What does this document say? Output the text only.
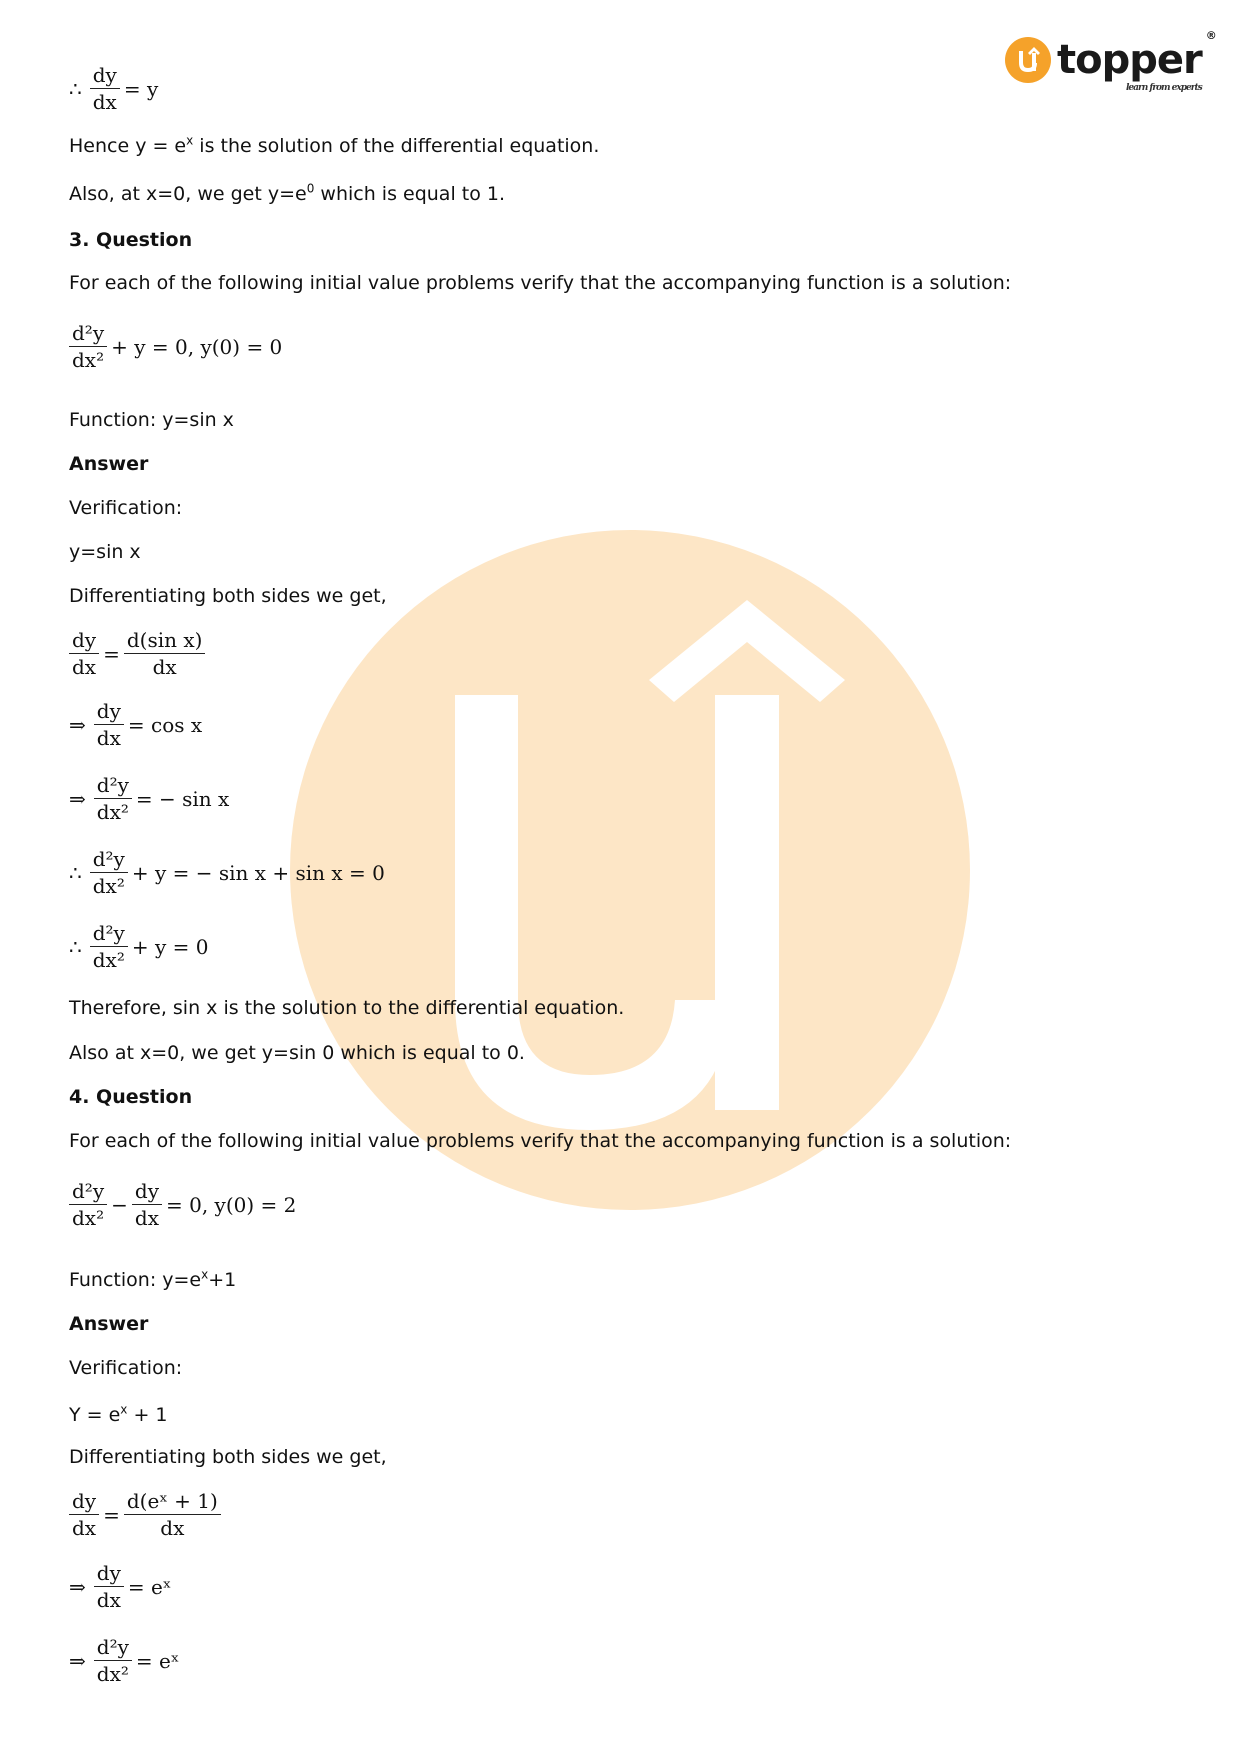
topper
®
learn from experts
∴ $\frac{dy}{dx} = y$
Hence $y = e^x$ is the solution of the differential equation.
Also, at x=0, we get $y=e^0$ which is equal to 1.
3. Question
For each of the following initial value problems verify that the accompanying function is a solution:
$\frac{\text{d²y}}{\text{dx²}} + y = 0$, y(0) = 0
Function: y=sin x
Answer
Verification:
y=sin x
Differentiating both sides we get,
$\frac{dy}{dx} = \frac{\text{d(sin x)}}{dx}$
⇒ $\frac{dy}{dx} = \cos x$
⇒ $\frac{\text{d²y}}{\text{dx²}}$ = − sin x
∴ $\frac{\text{d²y}}{\text{dx²}} + y$ = − sin x + sin x = 0
∴ $\frac{\text{d²y}}{\text{dx²}} + y = 0$
Therefore, sin x is the solution to the differential equation.
Also at x=0, we get y=sin 0 which is equal to 0.
4. Question
For each of the following initial value problems verify that the accompanying function is a solution:
$\frac{\text{d²y}}{\text{dx²}} - \frac{dy}{dx} = 0$, y(0) = 2
Function: $y=e^x+1$
Answer
Verification:
$Y = e^x + 1$
Differentiating both sides we get,
$\frac{dy}{dx} = \frac{\text{d(eˣ + 1)}}{dx}$
⇒ $\frac{dy}{dx}$ = eˣ
⇒ $\frac{\text{d²y}}{\text{dx²}}$ = eˣ
